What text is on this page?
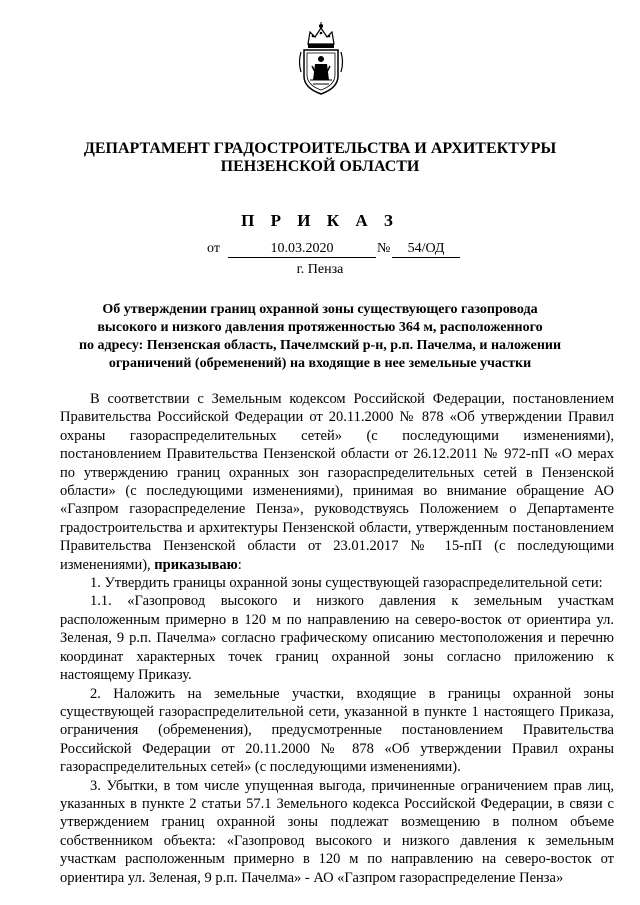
ДЕПАРТАМЕНТ ГРАДОСТРОИТЕЛЬСТВА И АРХИТЕКТУРЫ
ПЕНЗЕНСКОЙ ОБЛАСТИ
П Р И К А З
от	10.03.2020	№	54/ОД
г. Пенза
Об утверждении границ охранной зоны существующего газопровода
высокого и низкого давления протяженностью 364 м, расположенного
по адресу: Пензенская область, Пачелмский р-н, р.п. Пачелма, и наложении
ограничений (обременений) на входящие в нее земельные участки

В соответствии с Земельным кодексом Российской Федерации, постановлением Правительства Российской Федерации от 20.11.2000 № 878 «Об утверждении Правил охраны газораспределительных сетей» (с последующими изменениями), постановлением Правительства Пензенской области от 26.12.2011 № 972-пП «О мерах по утверждению границ охранных зон газораспределительных сетей в Пензенской области» (с последующими изменениями), принимая во внимание обращение АО «Газпром газораспределение Пенза», руководствуясь Положением о Департаменте градостроительства и архитектуры Пензенской области, утвержденным постановлением Правительства Пензенской области от 23.01.2017 № 15-пП (с последующими изменениями), приказываю:

1. Утвердить границы охранной зоны существующей газораспределительной сети:

1.1. «Газопровод высокого и низкого давления к земельным участкам расположенным примерно в 120 м по направлению на северо-восток от ориентира ул. Зеленая, 9 р.п. Пачелма» согласно графическому описанию местоположения и перечню координат характерных точек границ охранной зоны согласно приложению к настоящему Приказу.

2. Наложить на земельные участки, входящие в границы охранной зоны существующей газораспределительной сети, указанной в пункте 1 настоящего Приказа, ограничения (обременения), предусмотренные постановлением Правительства Российской Федерации от 20.11.2000 № 878 «Об утверждении Правил охраны газораспределительных сетей» (с последующими изменениями).

3. Убытки, в том числе упущенная выгода, причиненные ограничением прав лиц, указанных в пункте 2 статьи 57.1 Земельного кодекса Российской Федерации, в связи с утверждением границ охранной зоны подлежат возмещению в полном объеме собственником объекта: «Газопровод высокого и низкого давления к земельным участкам расположенным примерно в 120 м по направлению на северо-восток от ориентира ул. Зеленая, 9 р.п. Пачелма» - АО «Газпром газораспределение Пенза»
